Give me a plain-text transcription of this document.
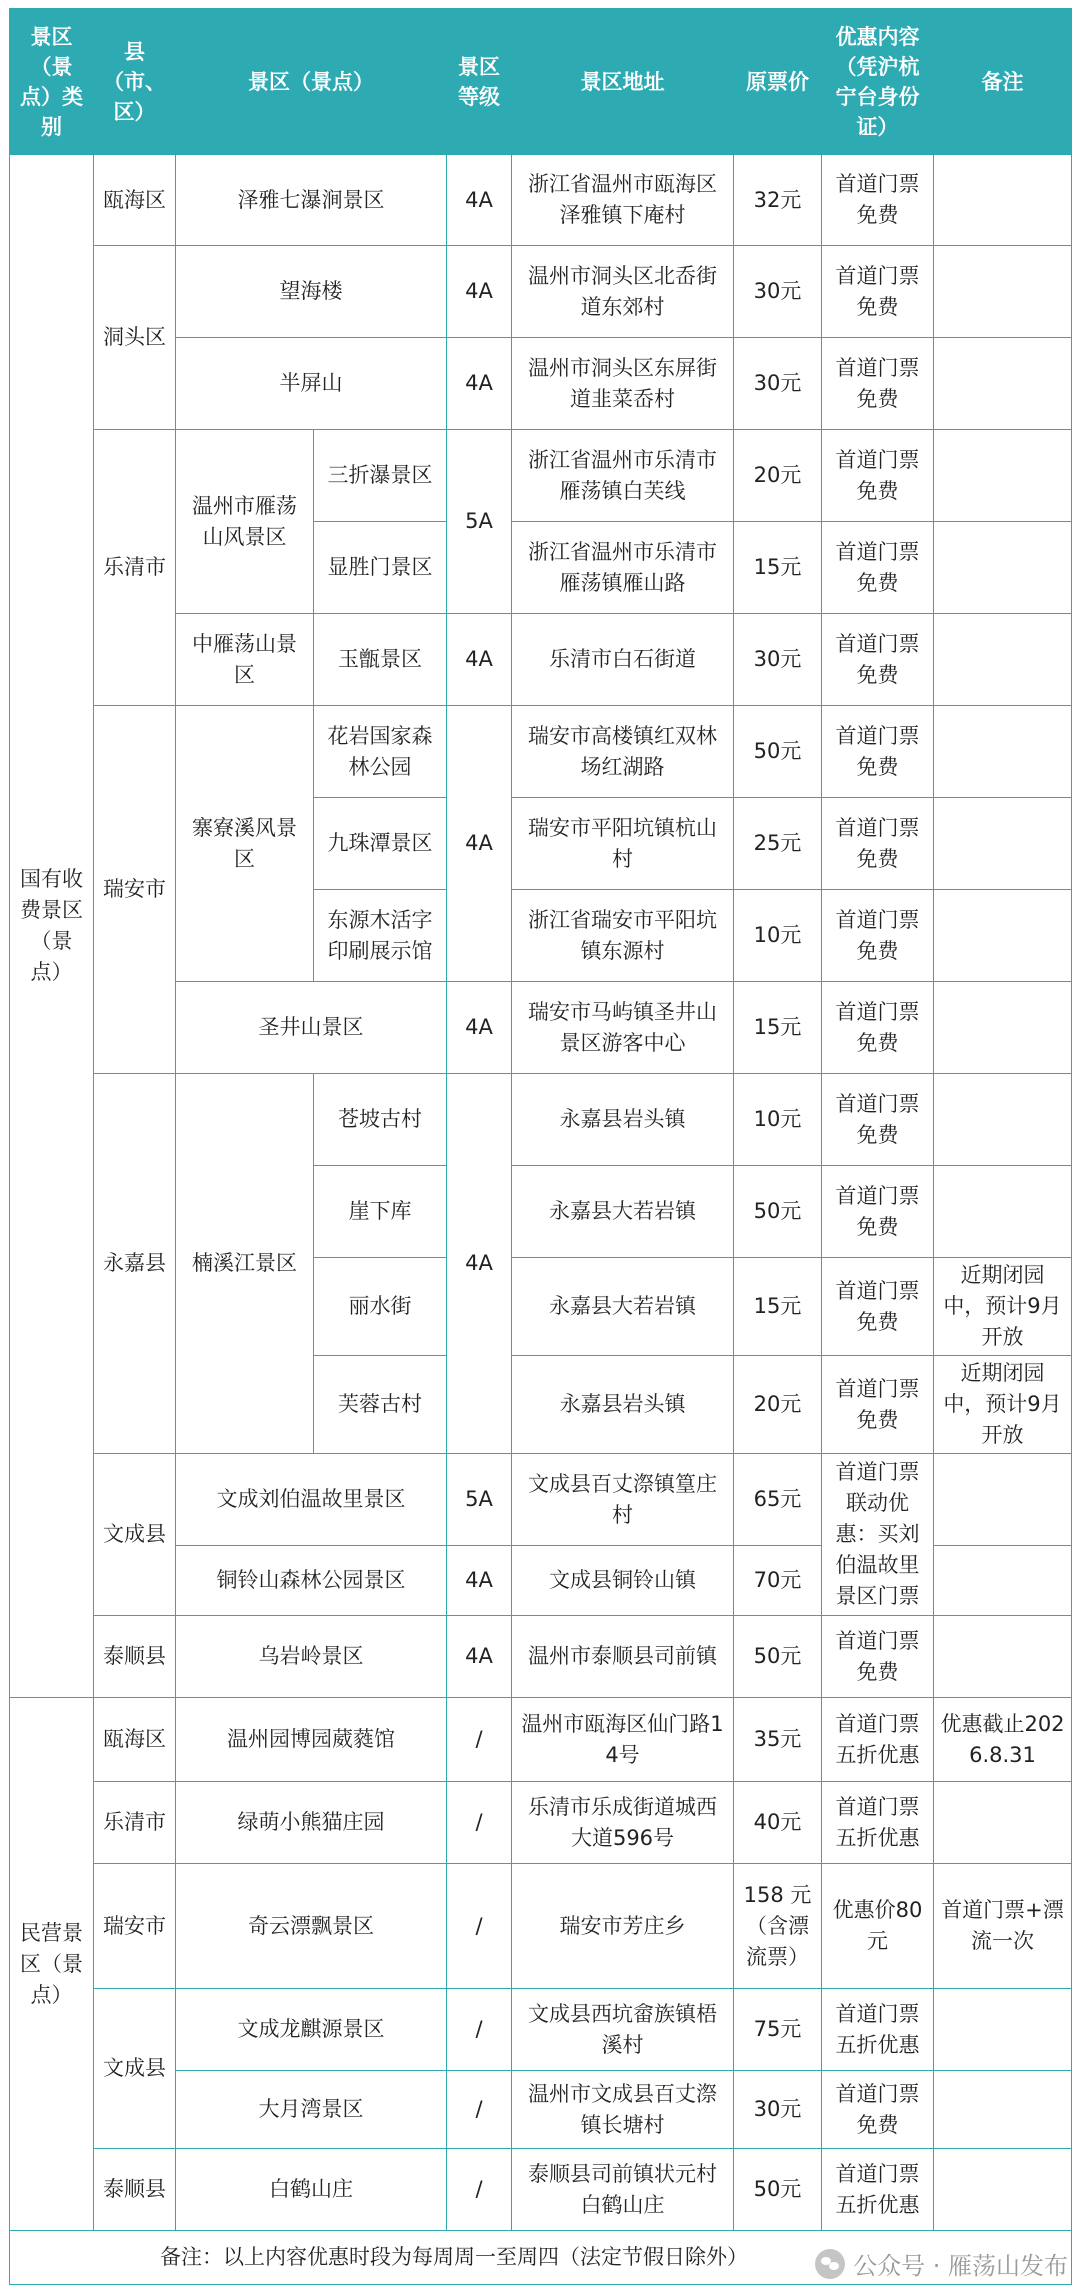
景区（景点）类别	县（市、区）	景区（景点）		景区等级	景区地址	原票价	优惠内容（凭沪杭宁台身份证）	备注
国有收费景区（景点）	瓯海区	泽雅七瀑涧景区		4A	浙江省温州市瓯海区泽雅镇下庵村	32元	首道门票免费	
	洞头区	望海楼		4A	温州市洞头区北岙街道东郊村	30元	首道门票免费	
		半屏山		4A	温州市洞头区东屏街道韭菜岙村	30元	首道门票免费	
	乐清市	温州市雁荡山风景区	三折瀑景区	5A	浙江省温州市乐清市雁荡镇白芙线	20元	首道门票免费	
			显胜门景区		浙江省温州市乐清市雁荡镇雁山路	15元	首道门票免费	
		中雁荡山景区	玉甑景区	4A	乐清市白石街道	30元	首道门票免费	
	瑞安市	寨寮溪风景区	花岩国家森林公园	4A	瑞安市高楼镇红双林场红湖路	50元	首道门票免费	
			九珠潭景区		瑞安市平阳坑镇杭山村	25元	首道门票免费	
			东源木活字印刷展示馆		浙江省瑞安市平阳坑镇东源村	10元	首道门票免费	
		圣井山景区		4A	瑞安市马屿镇圣井山景区游客中心	15元	首道门票免费	
	永嘉县	楠溪江景区	苍坡古村	4A	永嘉县岩头镇	10元	首道门票免费	
			崖下库		永嘉县大若岩镇	50元	首道门票免费	
			丽水街		永嘉县大若岩镇	15元	首道门票免费	近期闭园中，预计9月开放
			芙蓉古村		永嘉县岩头镇	20元	首道门票免费	近期闭园中，预计9月开放
	文成县	文成刘伯温故里景区		5A	文成县百丈漈镇篁庄村	65元	首道门票联动优惠：买刘伯温故里景区门票	
		铜铃山森林公园景区		4A	文成县铜铃山镇	70元		
	泰顺县	乌岩岭景区		4A	温州市泰顺县司前镇	50元	首道门票免费	
民营景区（景点）	瓯海区	温州园博园葳蕤馆		/	温州市瓯海区仙门路14号	35元	首道门票五折优惠	优惠截止2026.8.31
	乐清市	绿萌小熊猫庄园		/	乐清市乐成街道城西大道596号	40元	首道门票五折优惠	
	瑞安市	奇云漂飘景区		/	瑞安市芳庄乡	158 元（含漂流票）	优惠价80元	首道门票+漂流一次
	文成县	文成龙麒源景区		/	文成县西坑畲族镇梧溪村	75元	首道门票五折优惠	
		大月湾景区		/	温州市文成县百丈漈镇长塘村	30元	首道门票免费	
	泰顺县	白鹤山庄		/	泰顺县司前镇状元村白鹤山庄	50元	首道门票五折优惠	
备注：以上内容优惠时段为每周周一至周四（法定节假日除外）									公众号 · 雁荡山发布
